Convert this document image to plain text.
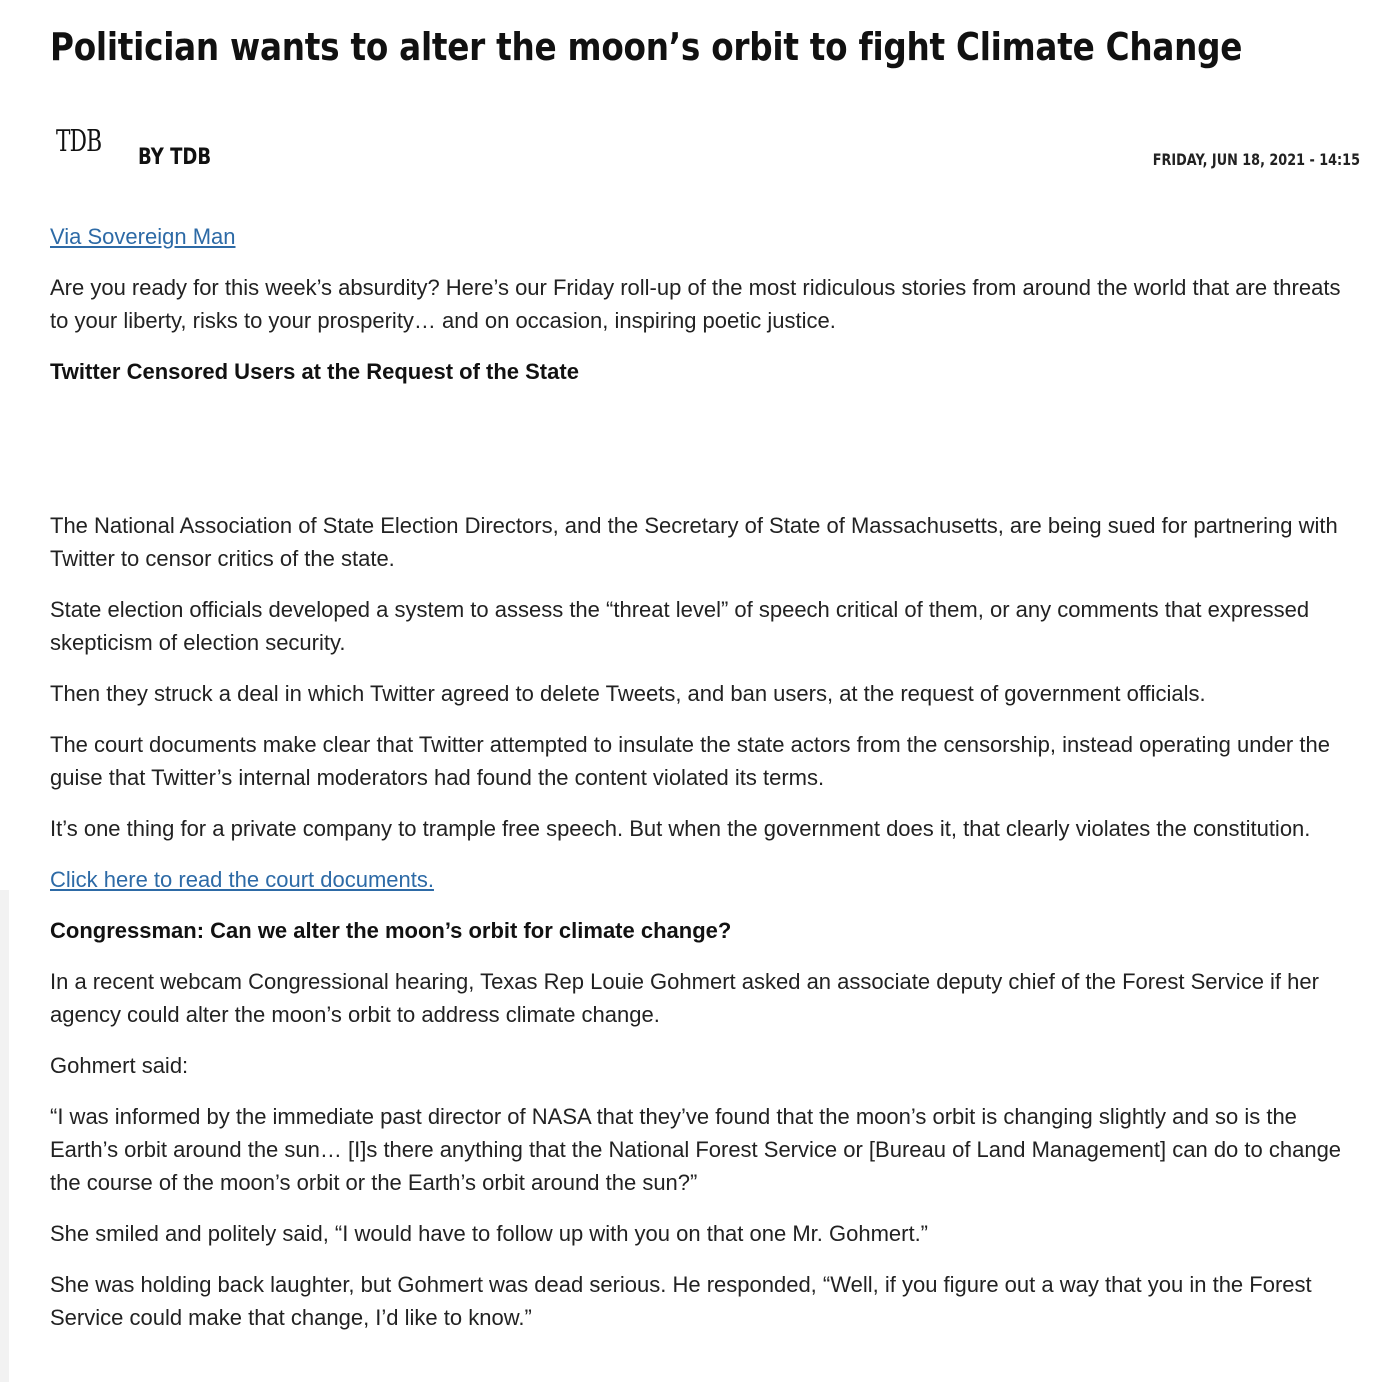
Politician wants to alter the moon’s orbit to fight Climate Change
TDB BY TDB	FRIDAY, JUN 18, 2021 - 14:15

Via Sovereign Man

Are you ready for this week’s absurdity? Here’s our Friday roll-up of the most ridiculous stories from around the world that are threats to your liberty, risks to your prosperity… and on occasion, inspiring poetic justice.

Twitter Censored Users at the Request of the State

The National Association of State Election Directors, and the Secretary of State of Massachusetts, are being sued for partnering with Twitter to censor critics of the state.

State election officials developed a system to assess the “threat level” of speech critical of them, or any comments that expressed skepticism of election security.

Then they struck a deal in which Twitter agreed to delete Tweets, and ban users, at the request of government officials.

The court documents make clear that Twitter attempted to insulate the state actors from the censorship, instead operating under the guise that Twitter’s internal moderators had found the content violated its terms.

It’s one thing for a private company to trample free speech. But when the government does it, that clearly violates the constitution.

Click here to read the court documents.

Congressman: Can we alter the moon’s orbit for climate change?

In a recent webcam Congressional hearing, Texas Rep Louie Gohmert asked an associate deputy chief of the Forest Service if her agency could alter the moon’s orbit to address climate change.

Gohmert said:

“I was informed by the immediate past director of NASA that they’ve found that the moon’s orbit is changing slightly and so is the Earth’s orbit around the sun… [I]s there anything that the National Forest Service or [Bureau of Land Management] can do to change the course of the moon’s orbit or the Earth’s orbit around the sun?”

She smiled and politely said, “I would have to follow up with you on that one Mr. Gohmert.”

She was holding back laughter, but Gohmert was dead serious. He responded, “Well, if you figure out a way that you in the Forest Service could make that change, I’d like to know.”
